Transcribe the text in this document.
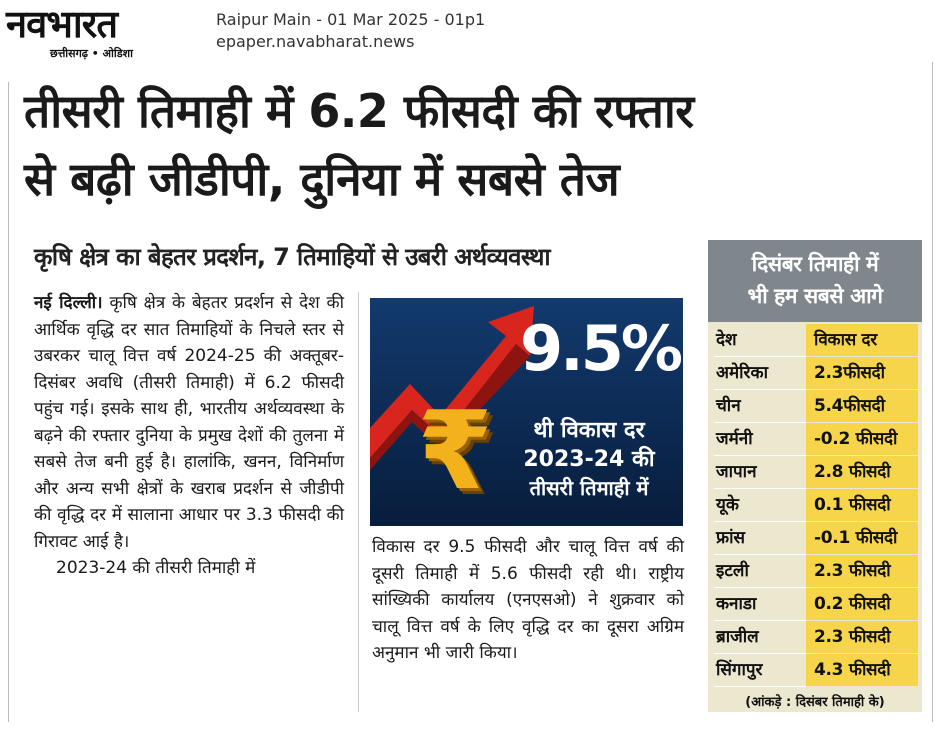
नवभारत
छत्तीसगढ़ • ओडिशा
Raipur Main - 01 Mar 2025 - 01p1
epaper.navabharat.news
तीसरी तिमाही में 6.2 फीसदी की रफ्तार
से बढ़ी जीडीपी, दुनिया में सबसे तेज
कृषि क्षेत्र का बेहतर प्रदर्शन, 7 तिमाहियों से उबरी अर्थव्यवस्था

नई दिल्ली। कृषि क्षेत्र के बेहतर प्रदर्शन से देश की आर्थिक वृद्धि दर सात तिमाहियों के निचले स्तर से उबरकर चालू वित्त वर्ष 2024-25 की अक्तूबर-दिसंबर अवधि (तीसरी तिमाही) में 6.2 फीसदी पहुंच गई। इसके साथ ही, भारतीय अर्थव्यवस्था के बढ़ने की रफ्तार दुनिया के प्रमुख देशों की तुलना में सबसे तेज बनी हुई है। हालांकि, खनन, विनिर्माण और अन्य सभी क्षेत्रों के खराब प्रदर्शन से जीडीपी की वृद्धि दर में सालाना आधार पर 3.3 फीसदी की गिरावट आई है।

2023-24 की तीसरी तिमाही में

₹
9.5%
थी विकास दर
2023-24 की
तीसरी तिमाही में

विकास दर 9.5 फीसदी और चालू वित्त वर्ष की दूसरी तिमाही में 5.6 फीसदी रही थी। राष्ट्रीय सांख्यिकी कार्यालय (एनएसओ) ने शुक्रवार को चालू वित्त वर्ष के लिए वृद्धि दर का दूसरा अग्रिम अनुमान भी जारी किया।

दिसंबर तिमाही में
भी हम सबसे आगे
देश	विकास दर
अमेरिका	2.3फीसदी
चीन	5.4फीसदी
जर्मनी	-0.2 फीसदी
जापान	2.8 फीसदी
यूके	0.1 फीसदी
फ्रांस	-0.1 फीसदी
इटली	2.3 फीसदी
कनाडा	0.2 फीसदी
ब्राजील	2.3 फीसदी
सिंगापुर	4.3 फीसदी
(आंकड़े : दिसंबर तिमाही के)
